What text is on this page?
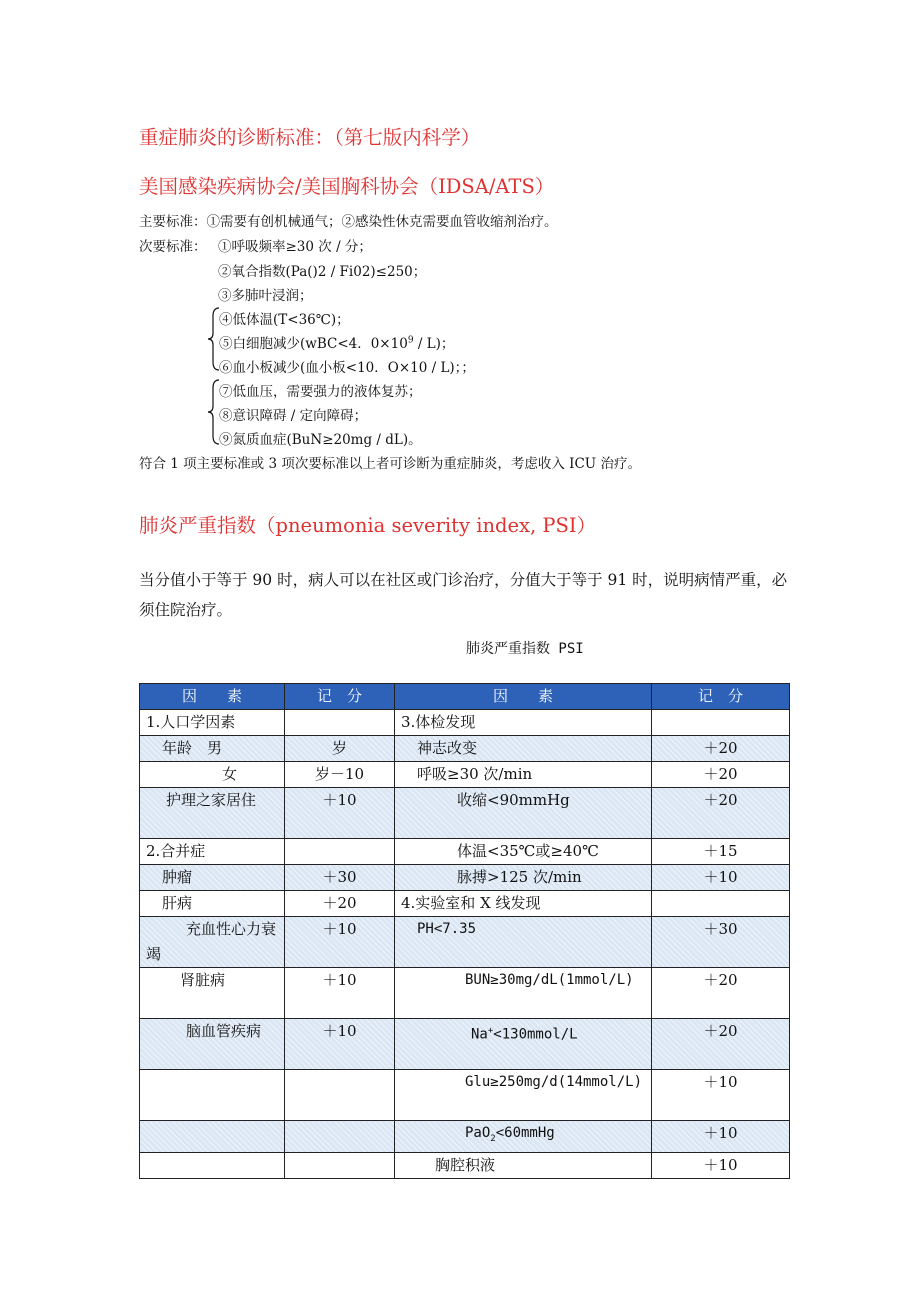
重症肺炎的诊断标准：（第七版内科学）
美国感染疾病协会/美国胸科协会（IDSA/ATS）
主要标准：①需要有创机械通气；②感染性休克需要血管收缩剂治疗。
次要标准： ①呼吸频率≥30 次 / 分；
②氧合指数(Pa()2 / Fi02)≤250；
③多肺叶浸润；
④低体温(T<36℃)；
⑤白细胞减少(wBC<4．$0\times 10^9 / L$)；
⑥血小板减少(血小板<10．O×10 / L)；；
⑦低血压，需要强力的液体复苏；
⑧意识障碍 / 定向障碍；
⑨氮质血症(BuN≥20mg / dL)。
符合 1 项主要标准或 3 项次要标准以上者可诊断为重症肺炎，考虑收入 ICU 治疗。
肺炎严重指数（pneumonia severity index, PSI）
当分值小于等于 90 时，病人可以在社区或门诊治疗，分值大于等于 91 时，说明病情严重，必须住院治疗。
肺炎严重指数 PSI
因　　素	记　分	因　　素	记　分
1.人口学因素		3.体检发现	
年龄　男	岁	神志改变	＋20
女	岁－10	呼吸≥30 次/min	＋20
护理之家居住	＋10	收缩<90mmHg	＋20
2.合并症		体温<35℃或≥40℃	＋15
肿瘤	＋30	脉搏>125 次/min	＋10
肝病	＋20	4.实验室和 X 线发现	
充血性心力衰竭	＋10	PH<7.35	＋30
肾脏病	＋10	BUN≥30mg/dL(1mmol/L)	＋20
脑血管疾病	＋10	Na+<130mmol/L	＋20
		Glu≥250mg/d(14mmol/L)	＋10
		PaO$_2$<60mmHg	＋10
		胸腔积液	＋10
